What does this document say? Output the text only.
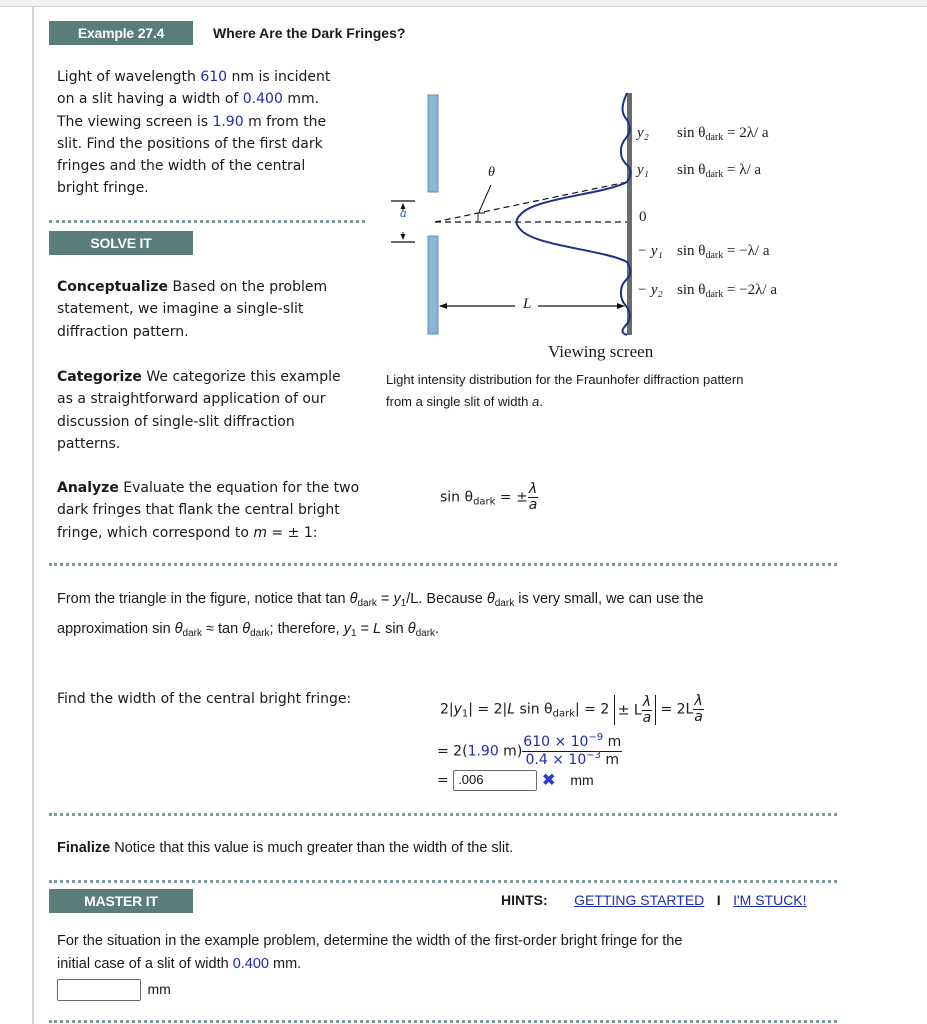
Example 27.4	Where Are the Dark Fringes?
Light of wavelength 610 nm is incident
on a slit having a width of 0.400 mm.
The viewing screen is 1.90 m from the
slit. Find the positions of the first dark
fringes and the width of the central
bright fringe.
SOLVE IT
Conceptualize Based on the problem
statement, we imagine a single-slit
diffraction pattern.
Categorize We categorize this example
as a straightforward application of our
discussion of single-slit diffraction
patterns.
Analyze Evaluate the equation for the two
dark fringes that flank the central bright
fringe, which correspond to m = ± 1:
$\sin \theta_{dark}$ = ± $\frac{\lambda}{a}$
a
θ
L
y₂ $\sin \theta_{dark} = 2\lambda/$ a
y₁ $\sin \theta_{dark} = \lambda/$ a
0
− y₁ $\sin \theta_{dark} = -\lambda/$ a
− y₂ $\sin \theta_{dark} = -2\lambda/$ a
Viewing screen
Light intensity distribution for the Fraunhofer diffraction pattern
from a single slit of width a.
From the triangle in the figure, notice that $\tan \theta_{dark} = y_1/L$. Because $\theta_{dark}$ is very small, we can use the
approximation $\sin \theta_{dark} \approx \tan \theta_{dark}$; therefore, $y_1 = L$ $\sin \theta_{dark}$.
Find the width of the central bright fringe:
$2|y_1| = 2|L$ $\sin \theta_{dark}| = 2 \pm L \frac{\lambda}{a} = 2L \frac{\lambda}{a}$
= 2(1.90 $m) \frac{610 \times 10^{-9} m}{0.4 \times 10^{-3} m}$
= .006	✖ mm
Finalize Notice that this value is much greater than the width of the slit.
MASTER IT	HINTS: GETTING STARTED I I'M STUCK!
For the situation in the example problem, determine the width of the first-order bright fringe for the
initial case of a slit of width 0.400 mm.
mm
